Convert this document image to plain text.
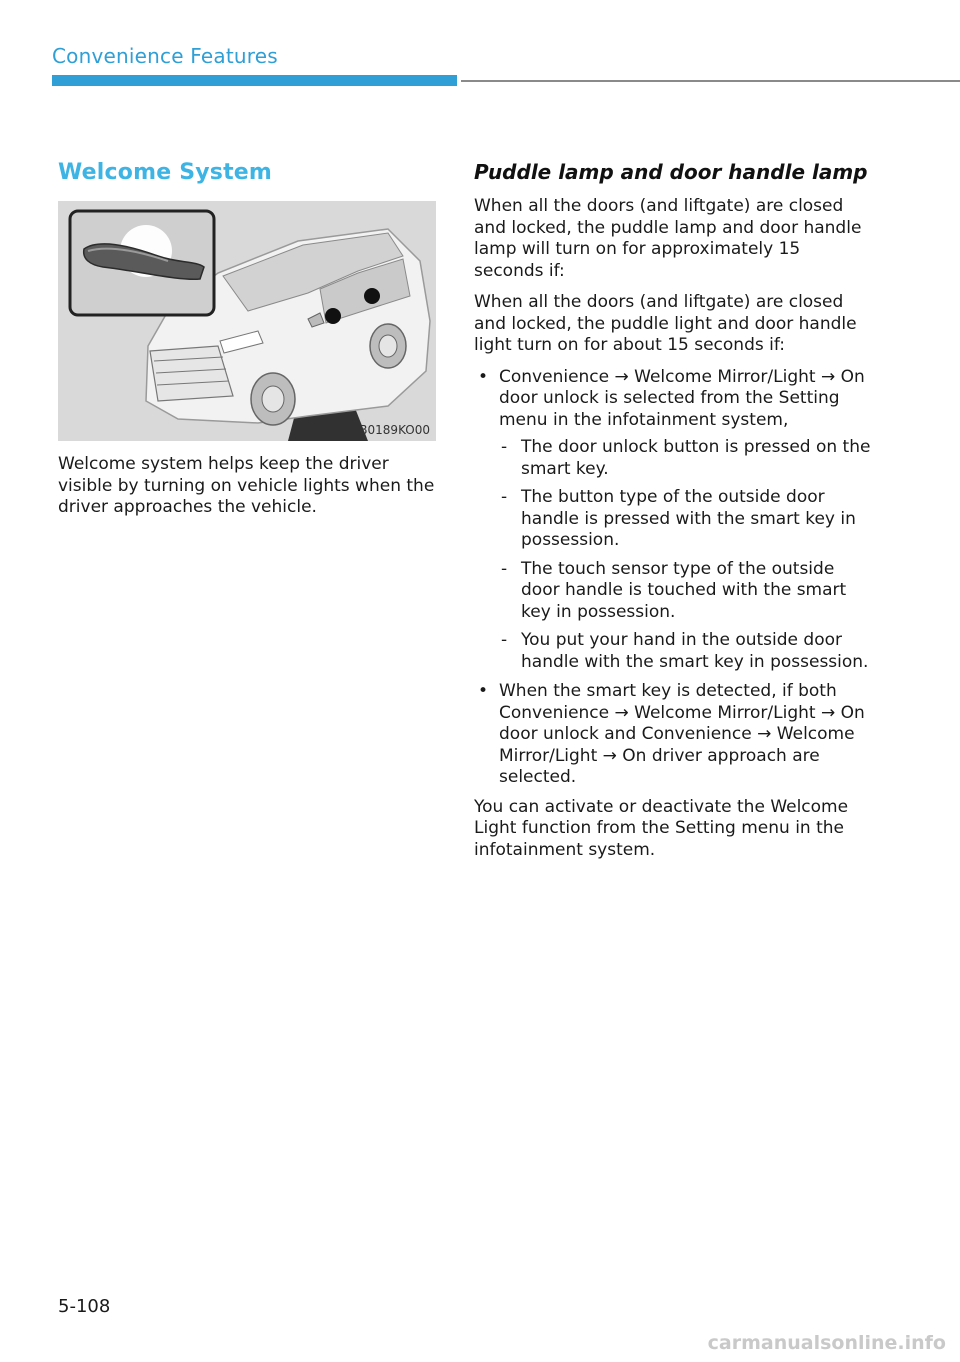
Convenience Features
Welcome System
B0189KO00

Welcome system helps keep the driver visible by turning on vehicle lights when the driver approaches the vehicle.

Puddle lamp and door handle lamp

When all the doors (and liftgate) are closed and locked, the puddle lamp and door handle lamp will turn on for approximately 15 seconds if:

When all the doors (and liftgate) are closed and locked, the puddle light and door handle light turn on for about 15 seconds if:

• Convenience → Welcome Mirror/Light → On door unlock is selected from the Setting menu in the infotainment system,
- The door unlock button is pressed on the smart key.
- The button type of the outside door handle is pressed with the smart key in possession.
- The touch sensor type of the outside door handle is touched with the smart key in possession.
- You put your hand in the outside door handle with the smart key in possession.
• When the smart key is detected, if both Convenience → Welcome Mirror/Light → On door unlock and Convenience → Welcome Mirror/Light → On driver approach are selected.

You can activate or deactivate the Welcome Light function from the Setting menu in the infotainment system.

5-108
carmanualsonline.info
